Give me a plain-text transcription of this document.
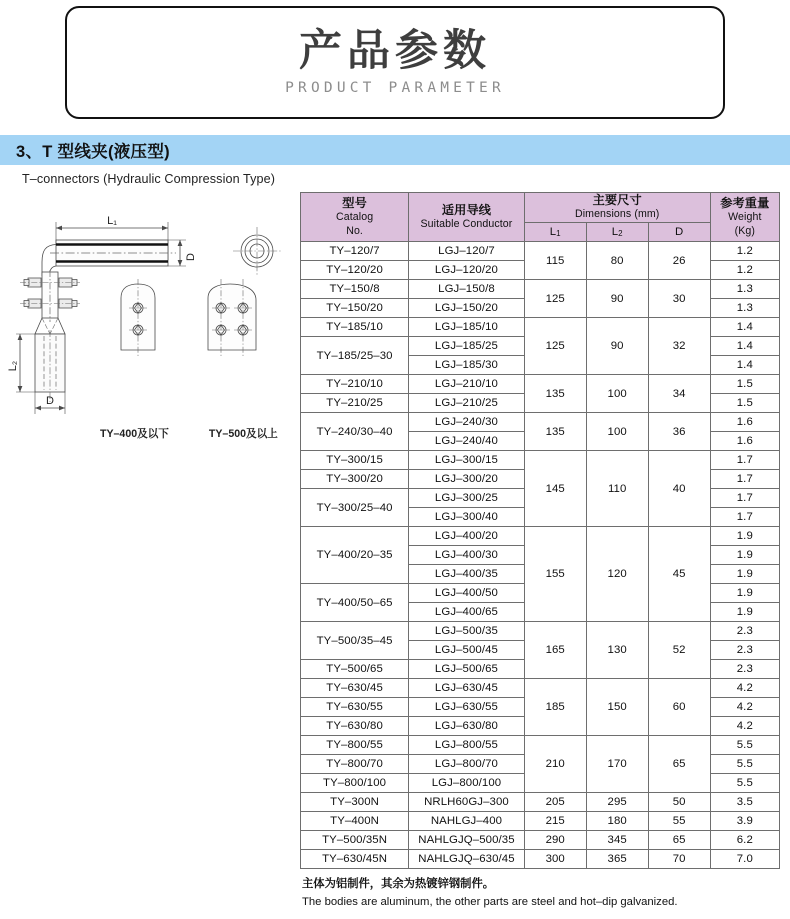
产品参数
PRODUCT PARAMETER
3、T 型线夹(液压型)
T–connectors (Hydraulic Compression Type)
L₁
D
L₂
D
TY–400及以下	TY–500及以上
型号
Catalog
No.	适用导线
Suitable Conductor	主要尺寸
Dimensions (mm)			参考重量
Weight
(Kg)

		L1	L2	D	
TY–120/7	LGJ–120/7	115	80	26	1.2
TY–120/20	LGJ–120/20				1.2
TY–150/8	LGJ–150/8	125	90	30	1.3
TY–150/20	LGJ–150/20				1.3
TY–185/10	LGJ–185/10	125	90	32	1.4
TY–185/25–30	LGJ–185/25				1.4
	LGJ–185/30				1.4
TY–210/10	LGJ–210/10	135	100	34	1.5
TY–210/25	LGJ–210/25				1.5
TY–240/30–40	LGJ–240/30	135	100	36	1.6
	LGJ–240/40				1.6
TY–300/15	LGJ–300/15	145	110	40	1.7
TY–300/20	LGJ–300/20				1.7
TY–300/25–40	LGJ–300/25				1.7
	LGJ–300/40				1.7
TY–400/20–35	LGJ–400/20	155	120	45	1.9
	LGJ–400/30				1.9
	LGJ–400/35				1.9
TY–400/50–65	LGJ–400/50				1.9
	LGJ–400/65				1.9
TY–500/35–45	LGJ–500/35	165	130	52	2.3
	LGJ–500/45				2.3
TY–500/65	LGJ–500/65				2.3
TY–630/45	LGJ–630/45	185	150	60	4.2
TY–630/55	LGJ–630/55				4.2
TY–630/80	LGJ–630/80				4.2
TY–800/55	LGJ–800/55	210	170	65	5.5
TY–800/70	LGJ–800/70				5.5
TY–800/100	LGJ–800/100				5.5
TY–300N	NRLH60GJ–300	205	295	50	3.5
TY–400N	NAHLGJ–400	215	180	55	3.9
TY–500/35N	NAHLGJQ–500/35	290	345	65	6.2
TY–630/45N	NAHLGJQ–630/45	300	365	70	7.0
主体为铝制件，其余为热镀锌钢制件。
The bodies are aluminum, the other parts are steel and hot–dip galvanized.
